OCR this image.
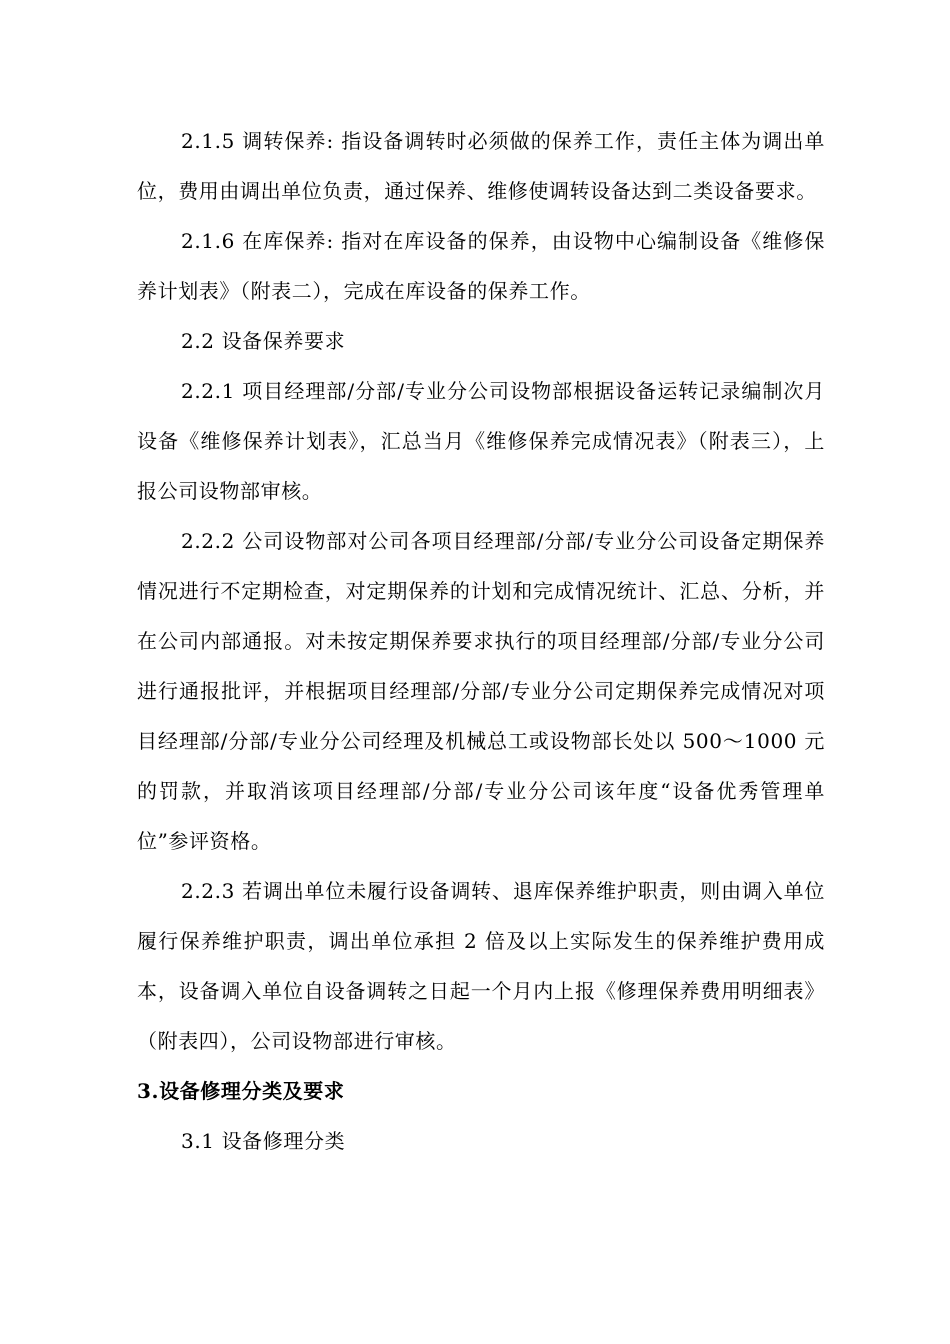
2.1.5 调转保养: 指设备调转时必须做的保养工作，责任主体为调出单位，费用由调出单位负责，通过保养、维修使调转设备达到二类设备要求。

2.1.6 在库保养: 指对在库设备的保养，由设物中心编制设备《维修保养计划表》（附表二），完成在库设备的保养工作。

2.2 设备保养要求

2.2.1 项目经理部/分部/专业分公司设物部根据设备运转记录编制次月设备《维修保养计划表》，汇总当月《维修保养完成情况表》（附表三），上报公司设物部审核。

2.2.2 公司设物部对公司各项目经理部/分部/专业分公司设备定期保养情况进行不定期检查，对定期保养的计划和完成情况统计、汇总、分析，并在公司内部通报。对未按定期保养要求执行的项目经理部/分部/专业分公司进行通报批评，并根据项目经理部/分部/专业分公司定期保养完成情况对项目经理部/分部/专业分公司经理及机械总工或设物部长处以 500～1000 元的罚款，并取消该项目经理部/分部/专业分公司该年度“设备优秀管理单位”参评资格。

2.2.3 若调出单位未履行设备调转、退库保养维护职责，则由调入单位履行保养维护职责，调出单位承担 2 倍及以上实际发生的保养维护费用成本，设备调入单位自设备调转之日起一个月内上报《修理保养费用明细表》（附表四），公司设物部进行审核。

3.设备修理分类及要求

3.1 设备修理分类
